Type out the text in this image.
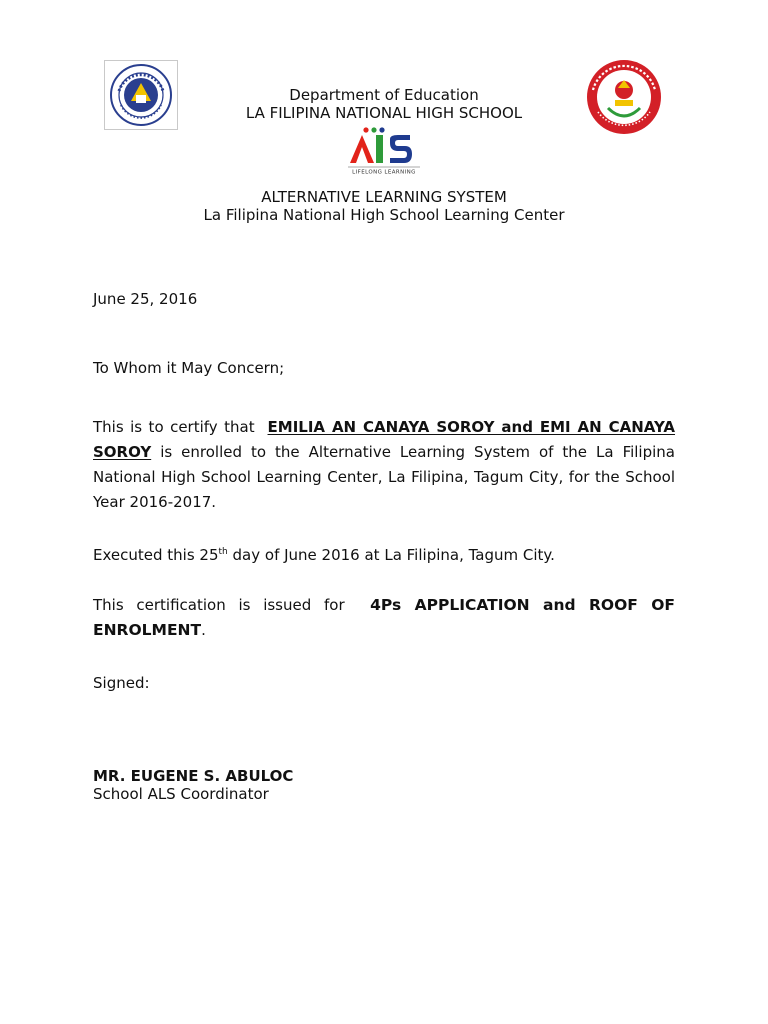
Department of Education
LA FILIPINA NATIONAL HIGH SCHOOL
LIFELONG LEARNING
ALTERNATIVE LEARNING SYSTEM
La Filipina National High School Learning Center
June 25, 2016
To Whom it May Concern;
This is to certify that EMILIA AN CANAYA SOROY and EMI AN CANAYA SOROY is enrolled to the Alternative Learning System of the La Filipina National High School Learning Center, La Filipina, Tagum City, for the School Year 2016-2017.
Executed this 25th day of June 2016 at La Filipina, Tagum City.
This certification is issued for 4Ps APPLICATION and ROOF OF ENROLMENT.
Signed:
MR. EUGENE S. ABULOC
School ALS Coordinator
